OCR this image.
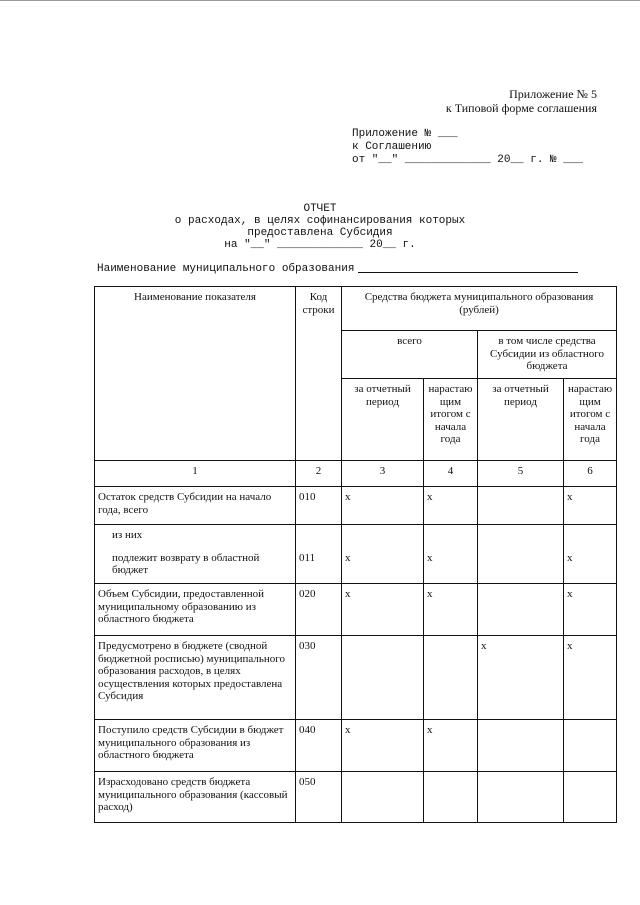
Приложение № 5
к Типовой форме соглашения
Приложение № ___
к Соглашению
от "__" _____________ 20__ г. № ___
ОТЧЕТ
о расходах, в целях софинансирования которых
предоставлена Субсидия
на "__" _____________ 20__ г.
Наименование муниципального образования
Наименование показателя	Код строки	Средства бюджета муниципального образования (рублей)			
		всего		в том числе средства Субсидии из областного бюджета	
		за отчетный период	нарастаю щим итогом с начала года	за отчетный период	нарастаю щим итогом с начала года
1	2	3	4	5	6
Остаток средств Субсидии на начало года, всего	010	x	x		x
из них					
подлежит возврату в областной бюджет	011	x	x		x
Объем Субсидии, предоставленной муниципальному образованию из областного бюджета	020	x	x		x
Предусмотрено в бюджете (сводной бюджетной росписью) муниципального образования расходов, в целях осуществления которых предоставлена Субсидия	030			x	x
Поступило средств Субсидии в бюджет муниципального образования из областного бюджета	040	x	x		
Израсходовано средств бюджета муниципального образования (кассовый расход)	050				
